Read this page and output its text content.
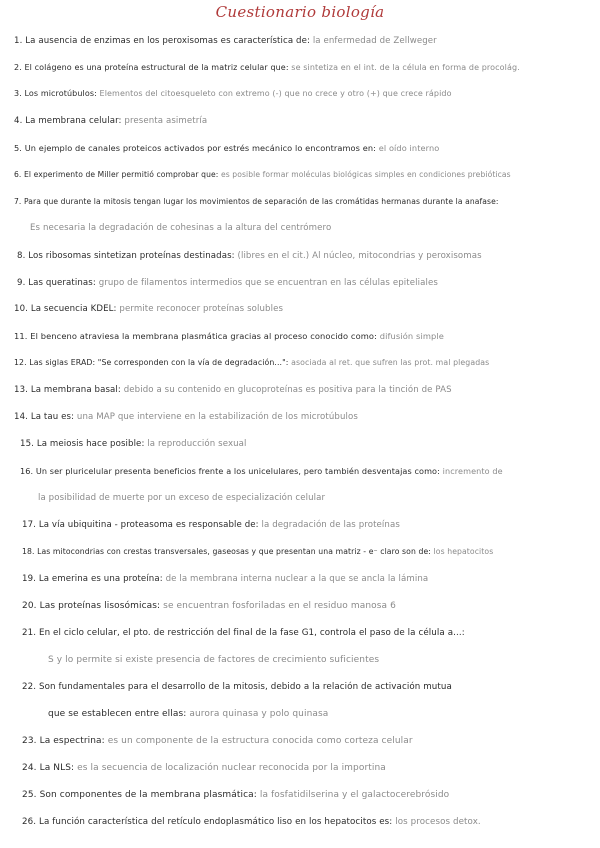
Cuestionario biología
1. La ausencia de enzimas en los peroxisomas es característica de: la enfermedad de Zellweger
2. El colágeno es una proteína estructural de la matriz celular que: se sintetiza en el int. de la célula en forma de procolág.
3. Los microtúbulos: Elementos del citoesqueleto con extremo (-) que no crece y otro (+) que crece rápido
4. La membrana celular: presenta asimetría
5. Un ejemplo de canales proteicos activados por estrés mecánico lo encontramos en: el oído interno
6. El experimento de Miller permitió comprobar que: es posible formar moléculas biológicas simples en condiciones prebióticas
7. Para que durante la mitosis tengan lugar los movimientos de separación de las cromátidas hermanas durante la anafase:
Es necesaria la degradación de cohesinas a la altura del centrómero
8. Los ribosomas sintetizan proteínas destinadas: (libres en el cit.) Al núcleo, mitocondrias y peroxisomas
9. Las queratinas: grupo de filamentos intermedios que se encuentran en las células epiteliales
10. La secuencia KDEL: permite reconocer proteínas solubles
11. El benceno atraviesa la membrana plasmática gracias al proceso conocido como: difusión simple
12. Las siglas ERAD: "Se corresponden con la vía de degradación...": asociada al ret. que sufren las prot. mal plegadas
13. La membrana basal: debido a su contenido en glucoproteínas es positiva para la tinción de PAS
14. La tau es: una MAP que interviene en la estabilización de los microtúbulos
15. La meiosis hace posible: la reproducción sexual
16. Un ser pluricelular presenta beneficios frente a los unicelulares, pero también desventajas como: incremento de
la posibilidad de muerte por un exceso de especialización celular
17. La vía ubiquitina - proteasoma es responsable de: la degradación de las proteínas
18. Las mitocondrias con crestas transversales, gaseosas y que presentan una matriz - e⁻ claro son de: los hepatocitos
19. La emerina es una proteína: de la membrana interna nuclear a la que se ancla la lámina
20. Las proteínas lisosómicas: se encuentran fosforiladas en el residuo manosa 6
21. En el ciclo celular, el pto. de restricción del final de la fase G1, controla el paso de la célula a...:
S y lo permite si existe presencia de factores de crecimiento suficientes
22. Son fundamentales para el desarrollo de la mitosis, debido a la relación de activación mutua
que se establecen entre ellas: aurora quinasa y polo quinasa
23. La espectrina: es un componente de la estructura conocida como corteza celular
24. La NLS: es la secuencia de localización nuclear reconocida por la importina
25. Son componentes de la membrana plasmática: la fosfatidilserina y el galactocerebrósido
26. La función característica del retículo endoplasmático liso en los hepatocitos es: los procesos detox.
